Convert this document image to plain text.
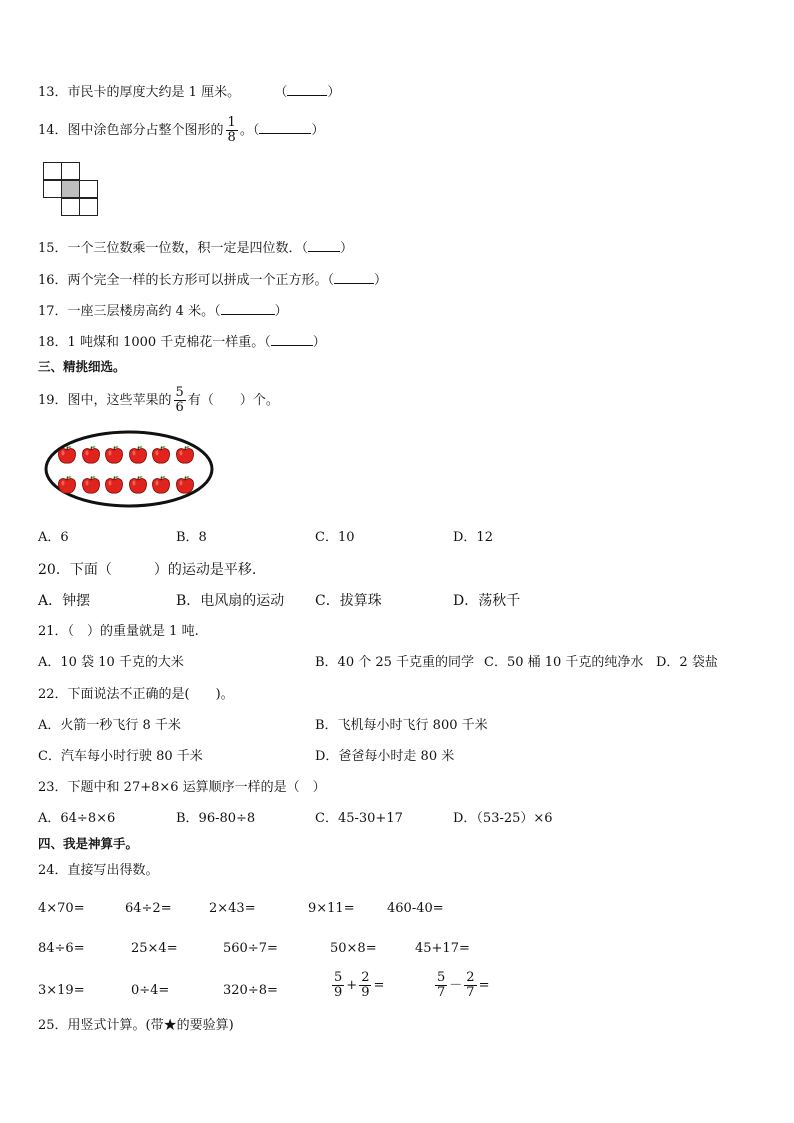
13．市民卡的厚度大约是 1 厘米。	（	）
14．图中涂色部分占整个图形的 $\frac{1}{8}$ 。（	）
15．一个三位数乘一位数，积一定是四位数．（ ）
16．两个完全一样的长方形可以拼成一个正方形。（	）
17．一座三层楼房高约 4 米。（	）
18．1 吨煤和 1000 千克棉花一样重。（	）
三、精挑细选。
19．图中，这些苹果的 $\frac{5}{6}$ 有（　　）个。
A．6	B．8	C．10	D．12
20．下面（　　　）的运动是平移.
A．钟摆	B．电风扇的运动 C．拔算珠	D．荡秋千
21．（　）的重量就是 1 吨.
A．10 袋 10 千克的大米	B．40 个 25 千克重的同学 C．50 桶 10 千克的纯净水 D．2 袋盐
22．下面说法不正确的是(　　)。
A．火箭一秒飞行 8 千米	B．飞机每小时飞行 800 千米
C．汽车每小时行驶 80 千米	D．爸爸每小时走 80 米
23．下题中和 27+8×6 运算顺序一样的是（　）
A．64÷8×6	B．96-80÷8	C．45-30+17	D．（53-25）×6
四、我是神算手。
24．直接写出得数。
4×70=	64÷2=	2×43=	9×11= 460-40=
84÷6=	25×4=	560÷7=	50×8=	45+17=
3×19=	0÷4=	320÷8=	$\frac{5}{9} + \frac{2}{9}$ =	$\frac{5}{7} - \frac{2}{7}$ =
25．用竖式计算。(带★的要验算)
